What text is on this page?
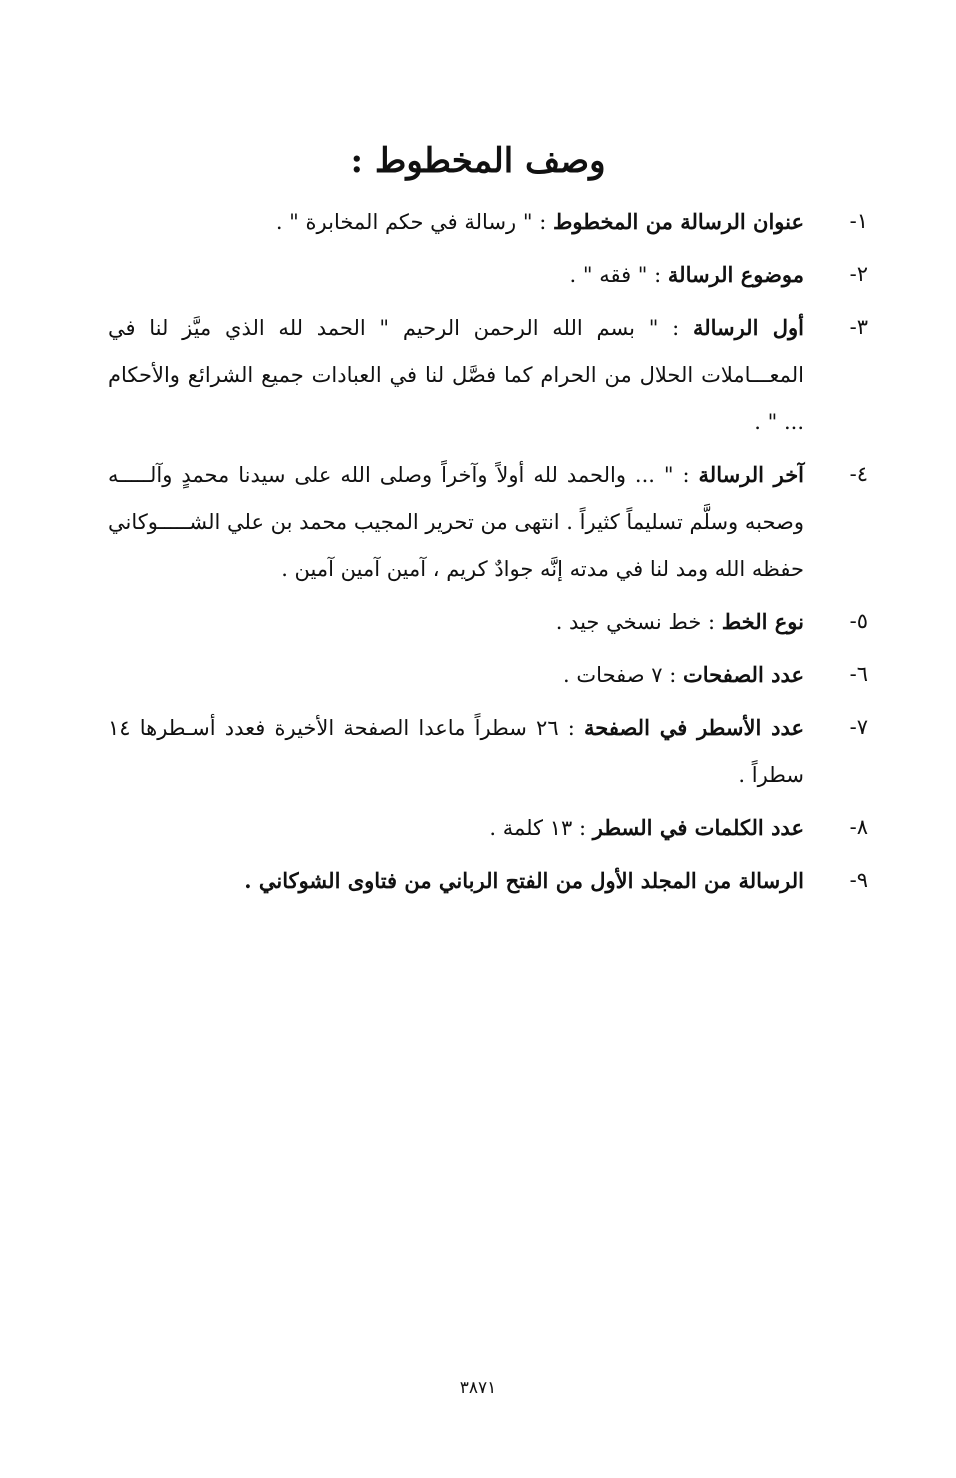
وصف المخطوط :
١-
عنوان الرسالة من المخطوط : " رسالة في حكم المخابرة " .
٢-
موضوع الرسالة : " فقه " .
٣-
أول الرسالة : " بسم الله الرحمن الرحيم " الحمد لله الذي ميَّز لنا في المعـــاملات الحلال من الحرام كما فصَّل لنا في العبادات جميع الشرائع والأحكام ... " .
٤-
آخر الرسالة : " ... والحمد لله أولاً وآخراً وصلى الله على سيدنا محمدٍ وآلـــــه وصحبه وسلَّم تسليماً كثيراً . انتهى من تحرير المجيب محمد بن علي الشـــــوكاني حفظه الله ومد لنا في مدته إنَّه جوادٌ كريم ، آمين آمين آمين .
٥-
نوع الخط : خط نسخي جيد .
٦-
عدد الصفحات : ٧ صفحات .
٧-
عدد الأسطر في الصفحة : ٢٦ سطراً ماعدا الصفحة الأخيرة فعدد أسـطرها ١٤ سطراً .
٨-
عدد الكلمات في السطر : ١٣ كلمة .
٩-
الرسالة من المجلد الأول من الفتح الرباني من فتاوى الشوكاني .
٣٨٧١
